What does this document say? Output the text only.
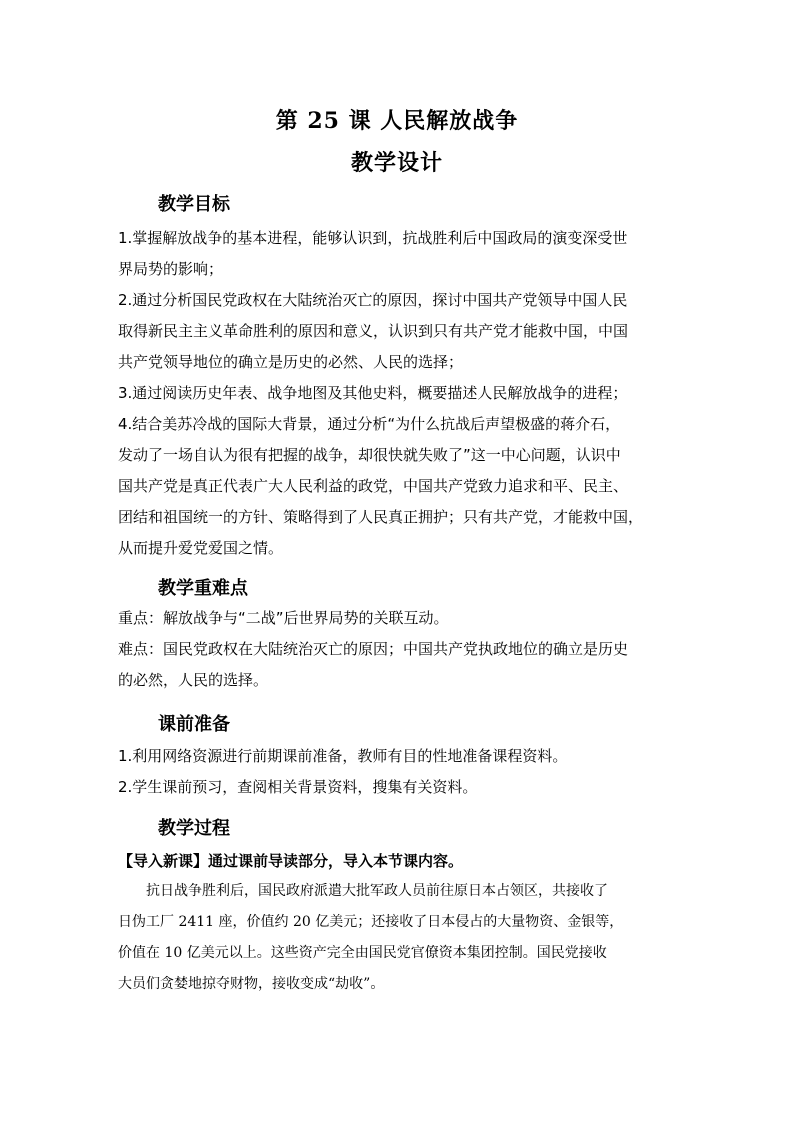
第 25 课 人民解放战争
教学设计
教学目标
1.掌握解放战争的基本进程，能够认识到，抗战胜利后中国政局的演变深受世
界局势的影响；
2.通过分析国民党政权在大陆统治灭亡的原因，探讨中国共产党领导中国人民
取得新民主主义革命胜利的原因和意义，认识到只有共产党才能救中国，中国
共产党领导地位的确立是历史的必然、人民的选择；
3.通过阅读历史年表、战争地图及其他史料，概要描述人民解放战争的进程；
4.结合美苏冷战的国际大背景，通过分析“为什么抗战后声望极盛的蒋介石，
发动了一场自认为很有把握的战争，却很快就失败了”这一中心问题，认识中
国共产党是真正代表广大人民利益的政党，中国共产党致力追求和平、民主、
团结和祖国统一的方针、策略得到了人民真正拥护；只有共产党，才能救中国，
从而提升爱党爱国之情。
教学重难点
重点：解放战争与“二战”后世界局势的关联互动。
难点：国民党政权在大陆统治灭亡的原因；中国共产党执政地位的确立是历史
的必然，人民的选择。
课前准备
1.利用网络资源进行前期课前准备，教师有目的性地准备课程资料。
2.学生课前预习，查阅相关背景资料，搜集有关资料。
教学过程
【导入新课】通过课前导读部分，导入本节课内容。
　　抗日战争胜利后，国民政府派遣大批军政人员前往原日本占领区，共接收了
日伪工厂 2411 座，价值约 20 亿美元；还接收了日本侵占的大量物资、金银等，
价值在 10 亿美元以上。这些资产完全由国民党官僚资本集团控制。国民党接收
大员们贪婪地掠夺财物，接收变成“劫收”。
